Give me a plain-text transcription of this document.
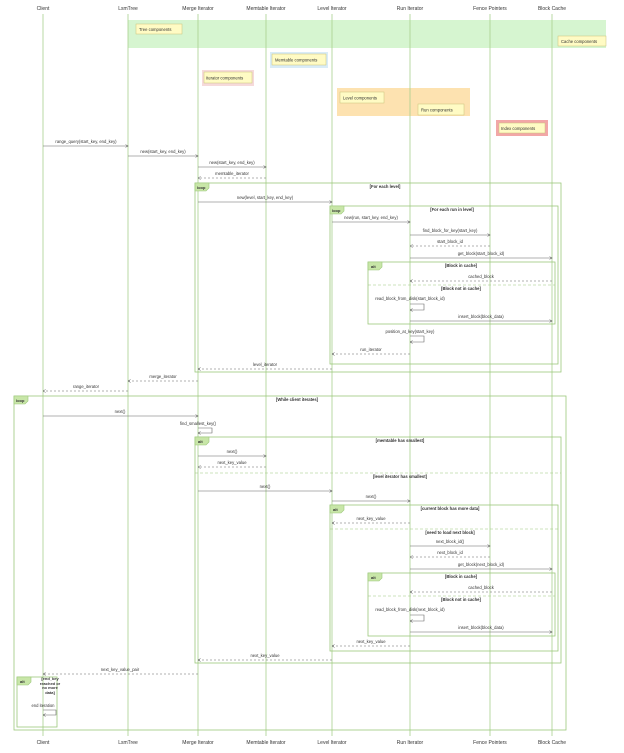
Client	LsmTree	Merge Iterator	Memtable Iterator	Level Iterator	Run Iterator	Fence Pointers	Block Cache
Client	LsmTree	Merge Iterator	Memtable Iterator	Level Iterator	Run Iterator	Fence Pointers	Block Cache
Tree components
Cache components
Memtable components
Iterator components
Level components
Run components
Index components
range_query(start_key, end_key)
new(start_key, end_key)
new(start_key, end_key)
memtable_iterator
loop	[For each level]
new(level, start_key, end_key)
loop	[For each run in level]
new(run, start_key, end_key)
find_block_for_key(start_key)
start_block_id
get_block(start_block_id)
alt	[Block in cache]
[Block not in cache]
cached_block
read_block_from_disk(start_block_id)
insert_block(block_data)
position_at_key(start_key)
run_iterator
level_iterator
merge_iterator
range_iterator
loop	[While client iterates]
next()
find_smallest_key()
alt	[memtable has smallest]
[level iterator has smallest]
next()
next_key_value
next()
next()
alt	[current block has more data]
[need to load next block]
next_key_value
next_block_id()
next_block_id
get_block(next_block_id)
alt	[Block in cache]
[Block not in cache]
cached_block
read_block_from_disk(next_block_id)
insert_block(block_data)
next_key_value
next_key_value
next_key_value_pair
alt
[end_key reached or no more data]
end iteration
